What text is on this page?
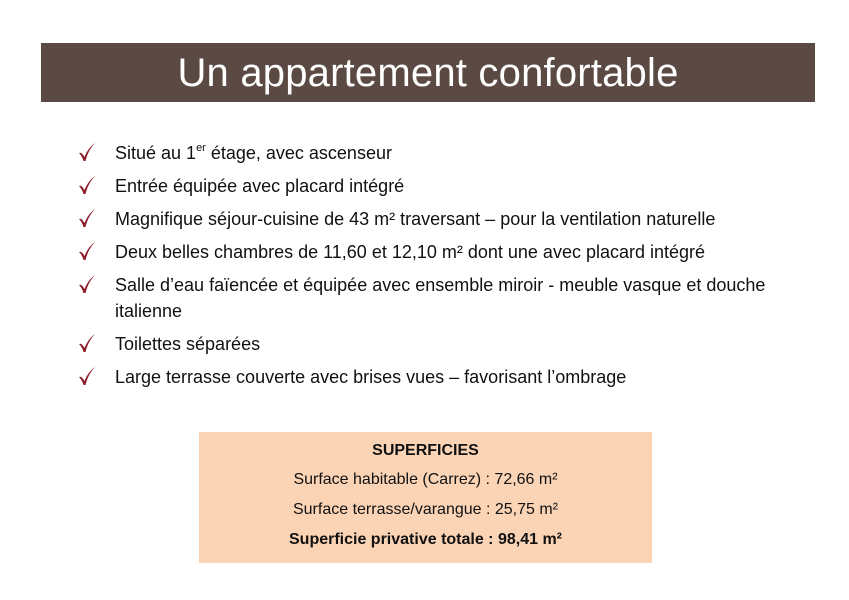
Un appartement confortable
Situé au 1er étage, avec ascenseur
Entrée équipée avec placard intégré
Magnifique séjour-cuisine de 43 m² traversant – pour la ventilation naturelle
Deux belles chambres de 11,60 et 12,10 m² dont une avec placard intégré
Salle d’eau faïencée et équipée avec ensemble miroir - meuble vasque et douche italienne
Toilettes séparées
Large terrasse couverte avec brises vues – favorisant l’ombrage
SUPERFICIES
Surface habitable (Carrez) : 72,66 m²
Surface terrasse/varangue : 25,75 m²
Superficie privative totale : 98,41 m²
